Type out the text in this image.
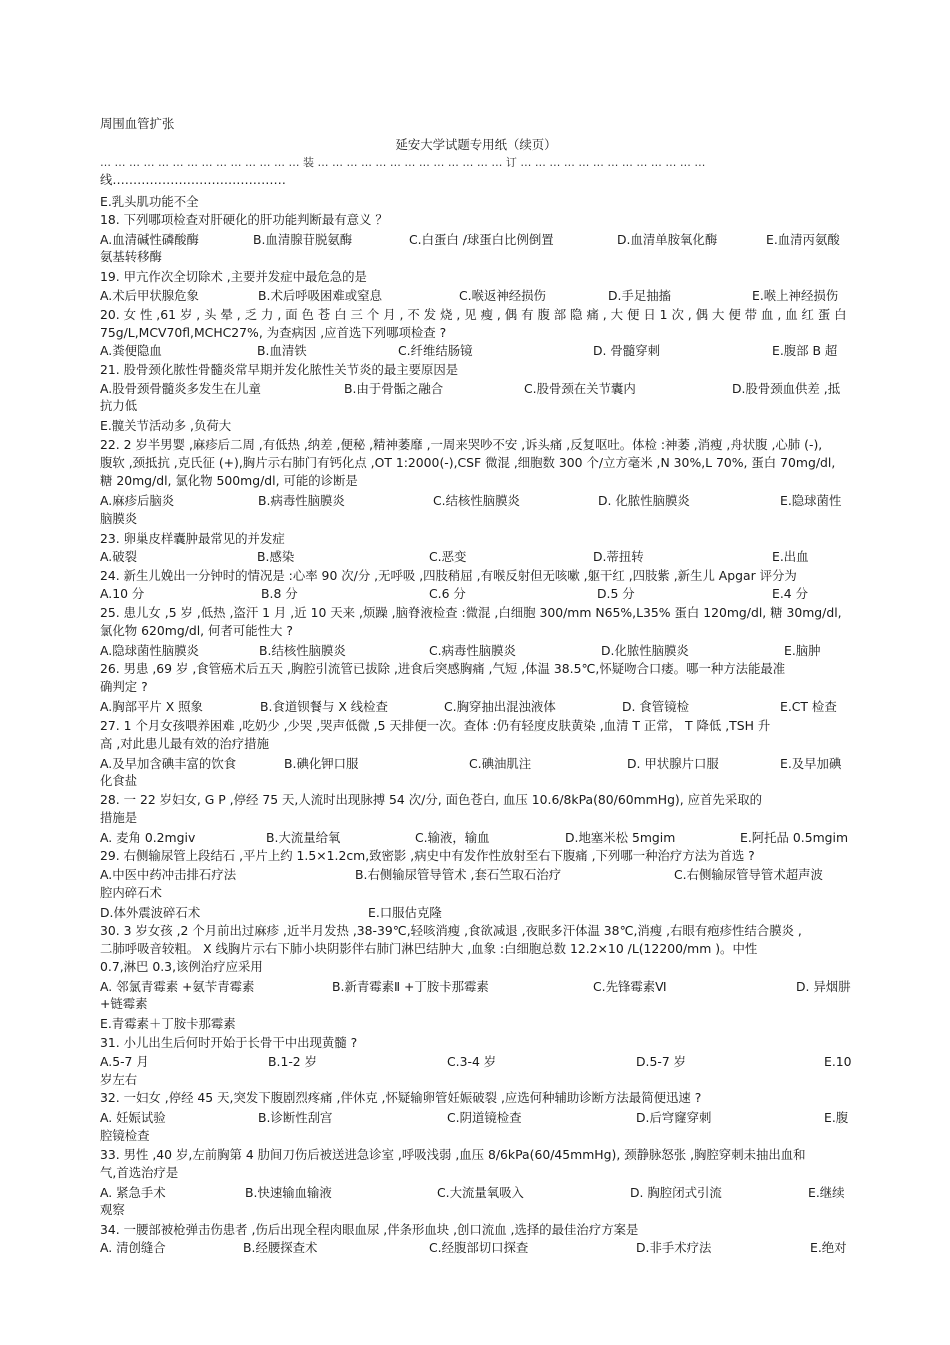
周围血管扩张
延安大学试题专用纸（续页）
… … … … … … … … … … … … … … 装 … … … … … … … … … … … … … 订 … … … … … … … … … … … … …
线……………………………………
E.乳头肌功能不全
18. 下列哪项检查对肝硬化的肝功能判断最有意义 ？
A.血清碱性磷酸酶	B.血清腺苷脱氨酶	C.白蛋白 /球蛋白比例倒置	D.血清单胺氧化酶	E.血清丙氨酸
氨基转移酶
19. 甲亢作次全切除术 ,主要并发症中最危急的是
A.术后甲状腺危象	B.术后呼吸困难或窒息	C.喉返神经损伤	D.手足抽搐	E.喉上神经损伤
20. 女 性 ,61 岁 , 头 晕 , 乏 力 , 面 色 苍 白 三 个 月 , 不 发 烧 , 见 瘦 , 偶 有 腹 部 隐 痛 , 大 便 日 1 次 , 偶 大 便 带 血 , 血 红 蛋 白
75g/L,MCV70fl,MCHC27%, 为查病因 ,应首选下列哪项检查 ?
A.粪便隐血	B.血清铁	C.纤维结肠镜	D. 骨髓穿刺	E.腹部 B 超
21. 股骨颈化脓性骨髓炎常早期并发化脓性关节炎的最主要原因是
A.股骨颈骨髓炎多发生在儿童	B.由于骨骺之融合	C.股骨颈在关节囊内	D.股骨颈血供差 ,抵
抗力低
E.髋关节活动多 ,负荷大
22. 2 岁半男婴 ,麻疹后二周 ,有低热 ,纳差 ,便秘 ,精神萎靡 ,一周来哭吵不安 ,诉头痛 ,反复呕吐。体检 :神萎 ,消瘦 ,舟状腹 ,心肺 (-),
腹软 ,颈抵抗 ,克氏征 (+),胸片示右肺门有钙化点 ,OT 1:2000(-),CSF 微混 ,细胞数 300 个/立方毫米 ,N 30%,L 70%, 蛋白 70mg/dl,
糖 20mg/dl, 氯化物 500mg/dl, 可能的诊断是
A.麻疹后脑炎	B.病毒性脑膜炎	C.结核性脑膜炎	D. 化脓性脑膜炎	E.隐球菌性
脑膜炎
23. 卵巢皮样囊肿最常见的并发症
A.破裂	B.感染	C.恶变	D.蒂扭转	E.出血
24. 新生儿娩出一分钟时的情况是 :心率 90 次/分 ,无呼吸 ,四肢稍屈 ,有喉反射但无咳嗽 ,躯干红 ,四肢紫 ,新生儿 Apgar 评分为
A.10 分	B.8 分	C.6 分	D.5 分	E.4 分
25. 患儿女 ,5 岁 ,低热 ,盗汗 1 月 ,近 10 天来 ,烦躁 ,脑脊液检查 :微混 ,白细胞 300/mm N65%,L35% 蛋白 120mg/dl, 糖 30mg/dl,
氯化物 620mg/dl, 何者可能性大 ?
A.隐球菌性脑膜炎	B.结核性脑膜炎	C.病毒性脑膜炎	D.化脓性脑膜炎	E.脑肿
26. 男患 ,69 岁 ,食管癌术后五天 ,胸腔引流管已拔除 ,进食后突感胸痛 ,气短 ,体温 38.5℃,怀疑吻合口瘘。哪一种方法能最准
确判定 ?
A.胸部平片 X 照象	B.食道钡餐与 X 线检查	C.胸穿抽出混浊液体	D. 食管镜检	E.CT 检查
27. 1 个月女孩喂养困难 ,吃奶少 ,少哭 ,哭声低微 ,5 天排便一次。查体 :仍有轻度皮肤黄染 ,血清 T 正常， T 降低 ,TSH 升
高 ,对此患儿最有效的治疗措施
A.及早加含碘丰富的饮食	B.碘化钾口服	C.碘油肌注	D. 甲状腺片口服	E.及早加碘
化食盐
28. 一 22 岁妇女, G P ,停经 75 天,人流时出现脉搏 54 次/分, 面色苍白, 血压 10.6/8kPa(80/60mmHg), 应首先采取的
措施是
A. 麦角 0.2mgiv	B.大流量给氧	C.输液，输血	D.地塞米松 5mgim	E.阿托品 0.5mgim
29. 右侧输尿管上段结石 ,平片上约 1.5×1.2cm,致密影 ,病史中有发作性放射至右下腹痛 ,下列哪一种治疗方法为首选 ?
A.中医中药冲击排石疗法	B.右侧输尿管导管术 ,套石竺取石治疗	C.右侧输尿管导管术超声波
腔内碎石术
D.体外震波碎石术	E.口服估克隆
30. 3 岁女孩 ,2 个月前出过麻疹 ,近半月发热 ,38-39℃,轻咳消瘦 ,食欲减退 ,夜眠多汗体温 38℃,消瘦 ,右眼有疱疹性结合膜炎 ,
二肺呼吸音较粗。 X 线胸片示右下肺小块阴影伴右肺门淋巴结肿大 ,血象 :白细胞总数 12.2×10 /L(12200/mm )。中性
0.7,淋巴 0.3,该例治疗应采用
A. 邻氯青霉素 +氨苄青霉素	B.新青霉素Ⅱ +丁胺卡那霉素	C.先锋霉素Ⅵ	D. 异烟肼
+链霉素
E.青霉素＋丁胺卡那霉素
31. 小儿出生后何时开始于长骨干中出现黄髓 ?
A.5-7 月	B.1-2 岁	C.3-4 岁	D.5-7 岁	E.10
岁左右
32. 一妇女 ,停经 45 天,突发下腹剧烈疼痛 ,伴休克 ,怀疑输卵管妊娠破裂 ,应选何种辅助诊断方法最简便迅速 ?
A. 妊娠试验	B.诊断性刮宫	C.阴道镜检查	D.后穹窿穿刺	E.腹
腔镜检查
33. 男性 ,40 岁,左前胸第 4 肋间刀伤后被送进急诊室 ,呼吸浅弱 ,血压 8/6kPa(60/45mmHg), 颈静脉怒张 ,胸腔穿刺未抽出血和
气,首选治疗是
A. 紧急手术	B.快速输血输液	C.大流量氧吸入	D. 胸腔闭式引流	E.继续
观察
34. 一腰部被枪弹击伤患者 ,伤后出现全程肉眼血尿 ,伴条形血块 ,创口流血 ,选择的最佳治疗方案是
A. 清创缝合	B.经腰探查术	C.经腹部切口探查	D.非手术疗法	E.绝对
